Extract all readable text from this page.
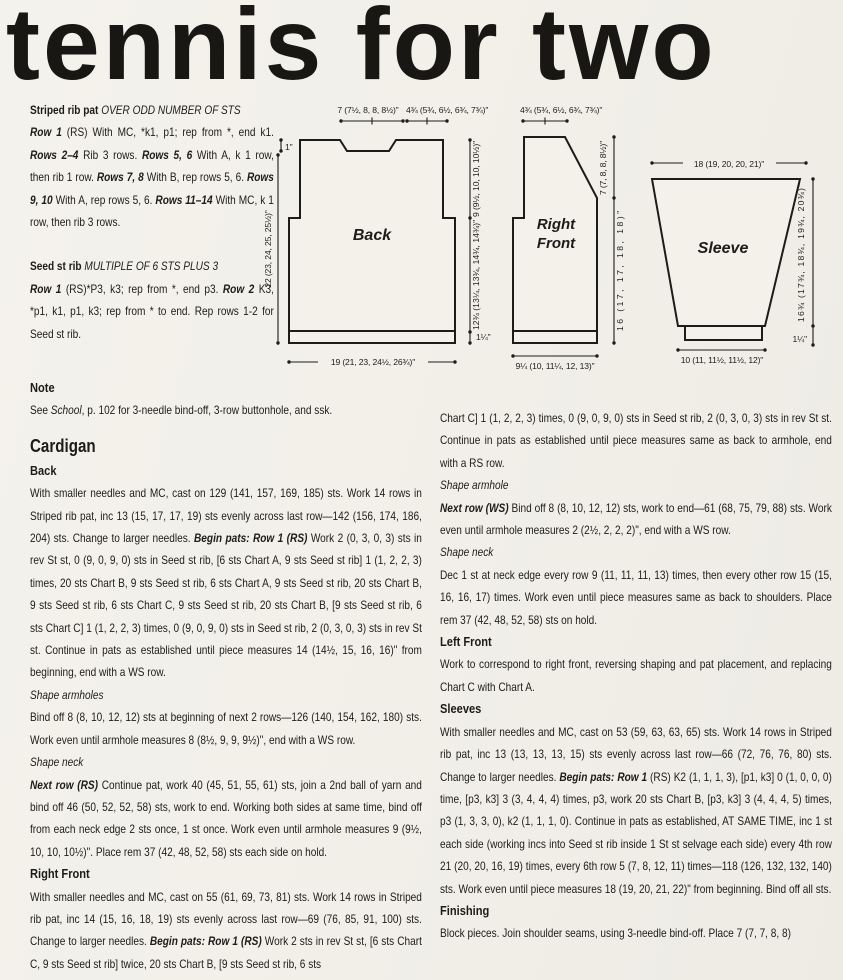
tennis for two
Back
7 (7½, 8, 8, 8½)" 4¾ (5¾, 6½, 6¾, 7¾)"
1"
22 (23, 24, 25, 25½)"	9 (9½, 10, 10, 10½)"
12¾ (13¼, 13¾, 14¾, 14¾)"
1¼"
19 (21, 23, 24½, 26¾)"
Right
Front
4¾ (5¾, 6½, 6¾, 7¾)"
7 (7, 8, 8, 8½)"
16 (17, 17, 18, 18)"
9¼ (10, 11¼, 12, 13)"
Sleeve
18 (19, 20, 20, 21)"
16¾ (17¾, 18¾, 19¾, 20¾)"
1¼"
10 (11, 11½, 11½, 12)"

Striped rib pat OVER ODD NUMBER OF STS

Row 1 (RS) With MC, *k1, p1; rep from *, end k1. Rows 2–4 Rib 3 rows. Rows 5, 6 With A, k 1 row, then rib 1 row. Rows 7, 8 With B, rep rows 5, 6. Rows 9, 10 With A, rep rows 5, 6. Rows 11–14 With MC, k 1 row, then rib 3 rows.

Seed st rib MULTIPLE OF 6 STS PLUS 3

Row 1 (RS)*P3, k3; rep from *, end p3. Row 2 K3, *p1, k1, p1, k3; rep from * to end. Rep rows 1-2 for Seed st rib.

Note

See School, p. 102 for 3-needle bind-off, 3-row buttonhole, and ssk.

Cardigan

Back

With smaller needles and MC, cast on 129 (141, 157, 169, 185) sts. Work 14 rows in Striped rib pat, inc 13 (15, 17, 17, 19) sts evenly across last row—142 (156, 174, 186, 204) sts. Change to larger needles. Begin pats: Row 1 (RS) Work 2 (0, 3, 0, 3) sts in rev St st, 0 (9, 0, 9, 0) sts in Seed st rib, [6 sts Chart A, 9 sts Seed st rib] 1 (1, 2, 2, 3) times, 20 sts Chart B, 9 sts Seed st rib, 6 sts Chart A, 9 sts Seed st rib, 20 sts Chart B, 9 sts Seed st rib, 6 sts Chart C, 9 sts Seed st rib, 20 sts Chart B, [9 sts Seed st rib, 6 sts Chart C] 1 (1, 2, 2, 3) times, 0 (9, 0, 9, 0) sts in Seed st rib, 2 (0, 3, 0, 3) sts in rev St st. Continue in pats as established until piece measures 14 (14½, 15, 16, 16)" from beginning, end with a WS row.

Shape armholes

Bind off 8 (8, 10, 12, 12) sts at beginning of next 2 rows—126 (140, 154, 162, 180) sts. Work even until armhole measures 8 (8½, 9, 9, 9½)", end with a WS row.

Shape neck

Next row (RS) Continue pat, work 40 (45, 51, 55, 61) sts, join a 2nd ball of yarn and bind off 46 (50, 52, 52, 58) sts, work to end. Working both sides at same time, bind off from each neck edge 2 sts once, 1 st once. Work even until armhole measures 9 (9½, 10, 10, 10½)". Place rem 37 (42, 48, 52, 58) sts each side on hold.

Right Front

With smaller needles and MC, cast on 55 (61, 69, 73, 81) sts. Work 14 rows in Striped rib pat, inc 14 (15, 16, 18, 19) sts evenly across last row—69 (76, 85, 91, 100) sts. Change to larger needles. Begin pats: Row 1 (RS) Work 2 sts in rev St st, [6 sts Chart C, 9 sts Seed st rib] twice, 20 sts Chart B, [9 sts Seed st rib, 6 sts

Chart C] 1 (1, 2, 2, 3) times, 0 (9, 0, 9, 0) sts in Seed st rib, 2 (0, 3, 0, 3) sts in rev St st. Continue in pats as established until piece measures same as back to armhole, end with a RS row.

Shape armhole

Next row (WS) Bind off 8 (8, 10, 12, 12) sts, work to end—61 (68, 75, 79, 88) sts. Work even until armhole measures 2 (2½, 2, 2, 2)", end with a WS row.

Shape neck

Dec 1 st at neck edge every row 9 (11, 11, 11, 13) times, then every other row 15 (15, 16, 16, 17) times. Work even until piece measures same as back to shoulders. Place rem 37 (42, 48, 52, 58) sts on hold.

Left Front

Work to correspond to right front, reversing shaping and pat placement, and replacing Chart C with Chart A.

Sleeves

With smaller needles and MC, cast on 53 (59, 63, 63, 65) sts. Work 14 rows in Striped rib pat, inc 13 (13, 13, 13, 15) sts evenly across last row—66 (72, 76, 76, 80) sts. Change to larger needles. Begin pats: Row 1 (RS) K2 (1, 1, 1, 3), [p1, k3] 0 (1, 0, 0, 0) time, [p3, k3] 3 (3, 4, 4, 4) times, p3, work 20 sts Chart B, [p3, k3] 3 (4, 4, 4, 5) times, p3 (1, 3, 3, 0), k2 (1, 1, 1, 0). Continue in pats as established, AT SAME TIME, inc 1 st each side (working incs into Seed st rib inside 1 St st selvage each side) every 4th row 21 (20, 20, 16, 19) times, every 6th row 5 (7, 8, 12, 11) times—118 (126, 132, 132, 140) sts. Work even until piece measures 18 (19, 20, 21, 22)" from beginning. Bind off all sts.

Finishing

Block pieces. Join shoulder seams, using 3-needle bind-off. Place 7 (7, 7, 8, 8)
